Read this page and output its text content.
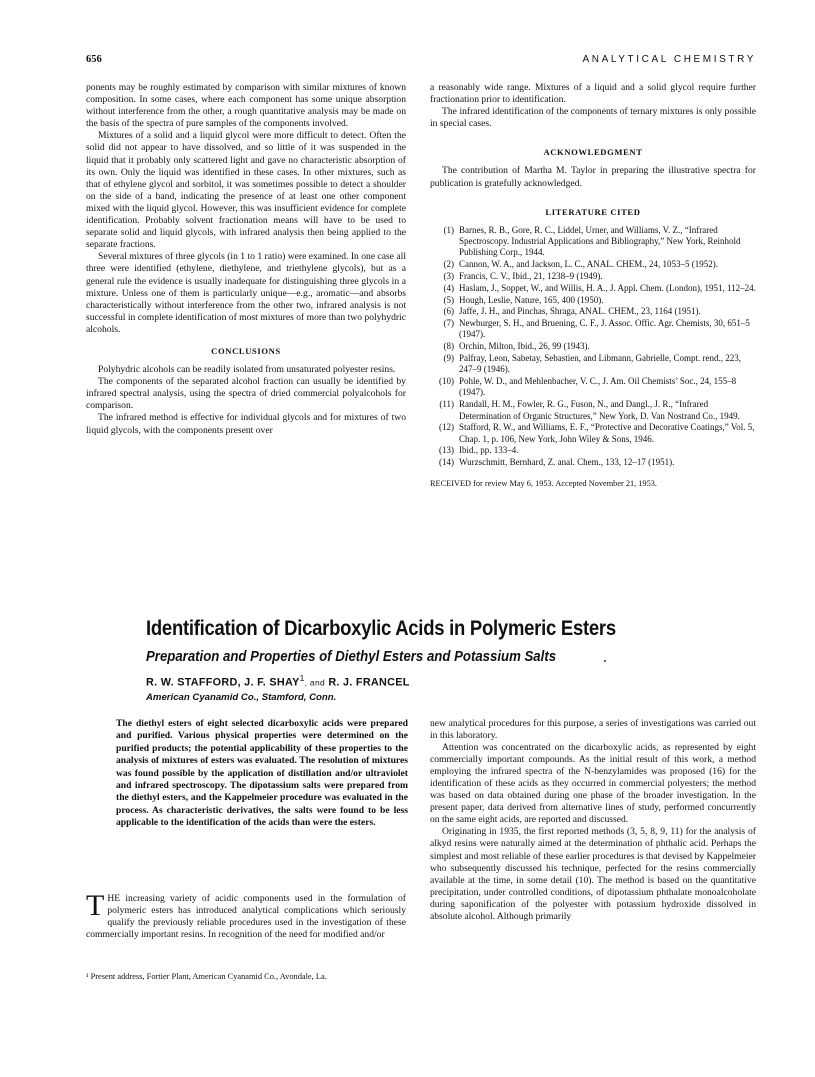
656	ANALYTICAL CHEMISTRY

ponents may be roughly estimated by comparison with similar mixtures of known composition. In some cases, where each component has some unique absorption without interference from the other, a rough quantitative analysis may be made on the basis of the spectra of pure samples of the components involved.

Mixtures of a solid and a liquid glycol were more difficult to detect. Often the solid did not appear to have dissolved, and so little of it was suspended in the liquid that it probably only scattered light and gave no characteristic absorption of its own. Only the liquid was identified in these cases. In other mixtures, such as that of ethylene glycol and sorbitol, it was sometimes possible to detect a shoulder on the side of a band, indicating the presence of at least one other component mixed with the liquid glycol. However, this was insufficient evidence for complete identification. Probably solvent fractionation means will have to be used to separate solid and liquid glycols, with infrared analysis then being applied to the separate fractions.

Several mixtures of three glycols (in 1 to 1 ratio) were examined. In one case all three were identified (ethylene, diethylene, and triethylene glycols), but as a general rule the evidence is usually inadequate for distinguishing three glycols in a mixture. Unless one of them is particularly unique—e.g., aromatic—and absorbs characteristically without interference from the other two, infrared analysis is not successful in complete identification of most mixtures of more than two polyhydric alcohols.

CONCLUSIONS

Polyhydric alcohols can be readily isolated from unsaturated polyester resins.

The components of the separated alcohol fraction can usually be identified by infrared spectral analysis, using the spectra of dried commercial polyalcohols for comparison.

The infrared method is effective for individual glycols and for mixtures of two liquid glycols, with the components present over

a reasonably wide range. Mixtures of a liquid and a solid glycol require further fractionation prior to identification.

The infrared identification of the components of ternary mixtures is only possible in special cases.

ACKNOWLEDGMENT

The contribution of Martha M. Taylor in preparing the illustrative spectra for publication is gratefully acknowledged.

LITERATURE CITED

(1) Barnes, R. B., Gore, R. C., Liddel, Urner, and Williams, V. Z., “Infrared Spectroscopy. Industrial Applications and Bibliography,” New York, Reinhold Publishing Corp., 1944.
(2) Cannon, W. A., and Jackson, L. C., ANAL. CHEM., 24, 1053–5 (1952).
(3) Francis, C. V., Ibid., 21, 1238–9 (1949).
(4) Haslam, J., Soppet, W., and Willis, H. A., J. Appl. Chem. (London), 1951, 112–24.
(5) Hough, Leslie, Nature, 165, 400 (1950).
(6) Jaffe, J. H., and Pinchas, Shraga, ANAL. CHEM., 23, 1164 (1951).
(7) Newburger, S. H., and Bruening, C. F., J. Assoc. Offic. Agr. Chemists, 30, 651–5 (1947).
(8) Orchin, Milton, Ibid., 26, 99 (1943).
(9) Palfray, Leon, Sabetay, Sebastien, and Libmann, Gabrielle, Compt. rend., 223, 247–9 (1946).
(10) Pohle, W. D., and Mehlenbacher, V. C., J. Am. Oil Chemists’ Soc., 24, 155–8 (1947).
(11) Randall, H. M., Fowler, R. G., Fuson, N., and Dangl., J. R., “Infrared Determination of Organic Structures,” New York, D. Van Nostrand Co., 1949.
(12) Stafford, R. W., and Williams, E. F., “Protective and Decorative Coatings,” Vol. 5, Chap. 1, p. 106, New York, John Wiley & Sons, 1946.
(13) Ibid., pp. 133–4.
(14) Wurzschmitt, Bernhard, Z. anal. Chem., 133, 12–17 (1951).

RECEIVED for review May 6, 1953. Accepted November 21, 1953.

Identification of Dicarboxylic Acids in Polymeric Esters
Preparation and Properties of Diethyl Esters and Potassium Salts
R. W. STAFFORD, J. F. SHAY$^1$, and R. J. FRANCEL
American Cyanamid Co., Stamford, Conn.
The diethyl esters of eight selected dicarboxylic acids were prepared and purified. Various physical properties were determined on the purified products; the potential applicability of these properties to the analysis of mixtures of esters was evaluated. The resolution of mixtures was found possible by the application of distillation and/or ultraviolet and infrared spectroscopy. The dipotassium salts were prepared from the diethyl esters, and the Kappelmeier procedure was evaluated in the process. As characteristic derivatives, the salts were found to be less applicable to the identification of the acids than were the esters.
THE increasing variety of acidic components used in the formulation of polymeric esters has introduced analytical complications which seriously qualify the previously reliable procedures used in the investigation of these commercially important resins. In recognition of the need for modified and/or
¹ Present address, Fortier Plant, American Cyanamid Co., Avondale, La.

new analytical procedures for this purpose, a series of investigations was carried out in this laboratory.

Attention was concentrated on the dicarboxylic acids, as represented by eight commercially important compounds. As the initial result of this work, a method employing the infrared spectra of the N-benzylamides was proposed (16) for the identification of these acids as they occurred in commercial polyesters; the method was based on data obtained during one phase of the broader investigation. In the present paper, data derived from alternative lines of study, performed concurrently on the same eight acids, are reported and discussed.

Originating in 1935, the first reported methods (3, 5, 8, 9, 11) for the analysis of alkyd resins were naturally aimed at the determination of phthalic acid. Perhaps the simplest and most reliable of these earlier procedures is that devised by Kappelmeier who subsequently discussed his technique, perfected for the resins commercially available at the time, in some detail (10). The method is based on the quantitative precipitation, under controlled conditions, of dipotassium phthalate monoalcoholate during saponification of the polyester with potassium hydroxide dissolved in absolute alcohol. Although primarily
